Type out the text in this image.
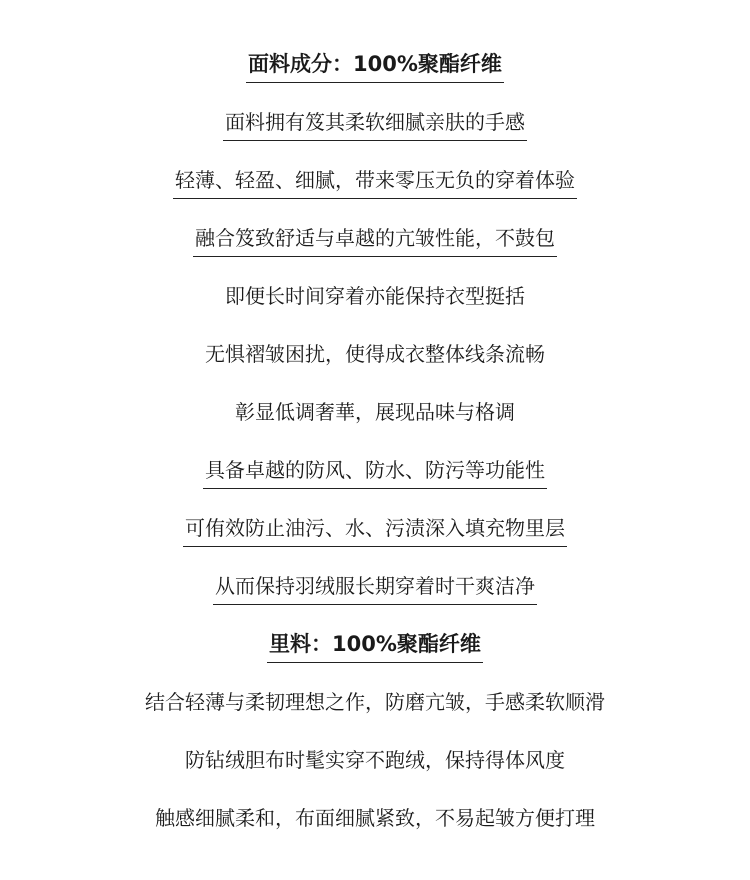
面料成分：100%聚酯纤维
面料拥有笈其柔软细腻亲肤的手感
轻薄、轻盈、细腻，带来零压无负的穿着体验
融合笈致舒适与卓越的亢皱性能，不鼓包
即便长时间穿着亦能保持衣型挺括
无惧褶皱困扰，使得成衣整体线条流畅
彰显低调奢華，展现品味与格调
具备卓越的防风、防水、防污等功能性
可侑效防止油污、水、污渍深入填充物里层
从而保持羽绒服长期穿着时干爽洁净
里料：100%聚酯纤维
结合轻薄与柔韧理想之作，防磨亢皱，手感柔软顺滑
防钻绒胆布时髦实穿不跑绒，保持得体风度
触感细腻柔和，布面细腻紧致，不易起皱方便打理
